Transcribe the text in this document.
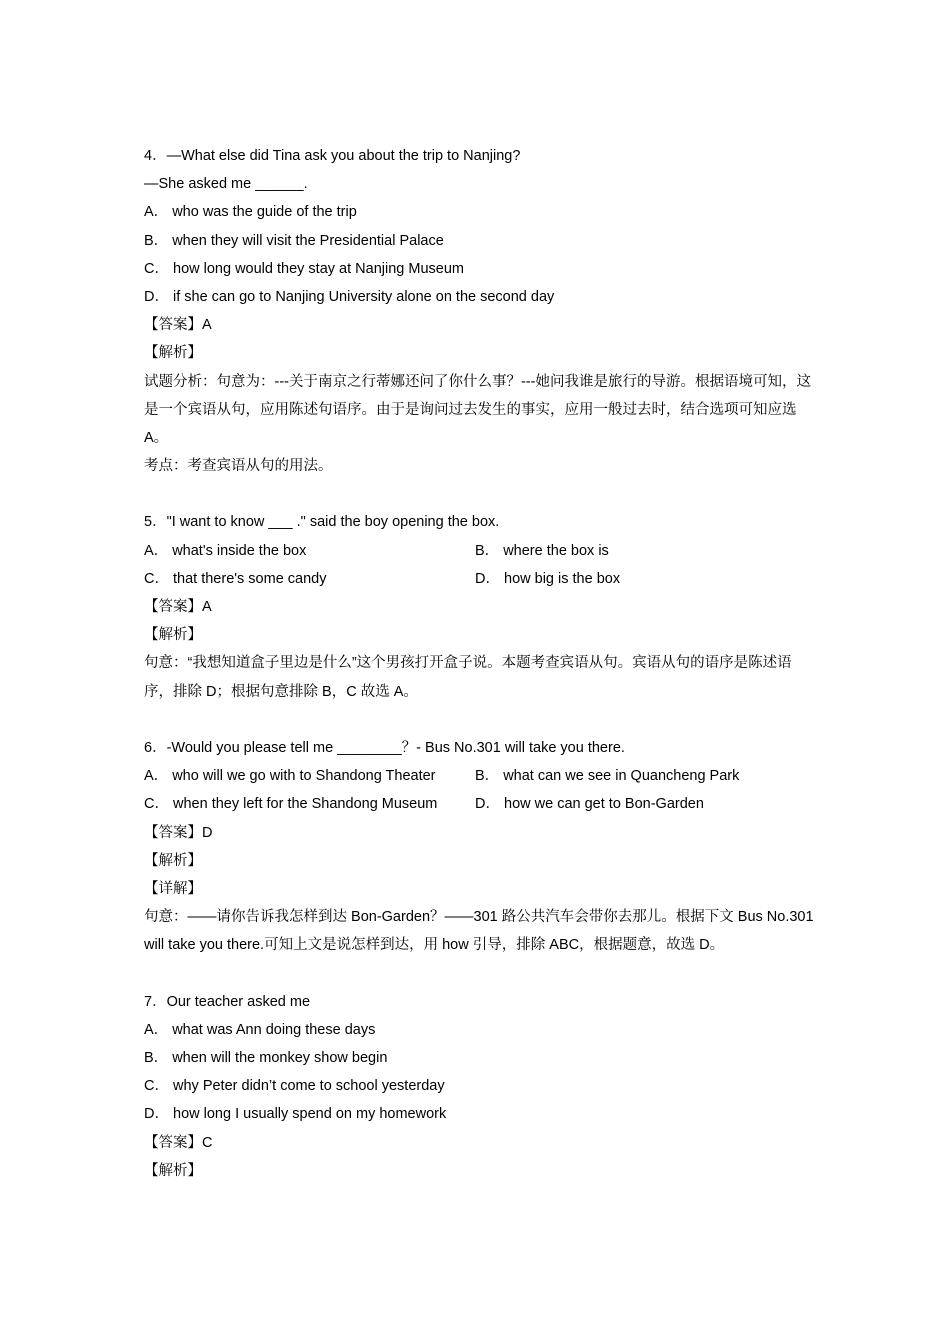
4．—What else did Tina ask you about the trip to Nanjing?
—She asked me ______.
A． who was the guide of the trip
B． when they will visit the Presidential Palace
C． how long would they stay at Nanjing Museum
D． if she can go to Nanjing University alone on the second day
【答案】A
【解析】
试题分析：句意为：---关于南京之行蒂娜还问了你什么事？---她问我谁是旅行的导游。根据语境可知，这是一个宾语从句，应用陈述句语序。由于是询问过去发生的事实，应用一般过去时，结合选项可知应选 A。
考点：考查宾语从句的用法。
5．"I want to know ___ ." said the boy opening the box.
A． what's inside the box	B． where the box is
C． that there's some candy	D． how big is the box
【答案】A
【解析】
句意：“我想知道盒子里边是什么”这个男孩打开盒子说。本题考查宾语从句。宾语从句的语序是陈述语序，排除 D；根据句意排除 B，C 故选 A。
6．-Would you please tell me ________？- Bus No.301 will take you there.
A． who will we go with to Shandong Theater	B． what can we see in Quancheng Park
C． when they left for the Shandong Museum	D． how we can get to Bon-Garden
【答案】D
【解析】
【详解】
句意：——请你告诉我怎样到达 Bon-Garden？——301 路公共汽车会带你去那儿。根据下文 Bus No.301 will take you there.可知上文是说怎样到达，用 how 引导，排除 ABC，根据题意，故选 D。
7．Our teacher asked me
A． what was Ann doing these days
B． when will the monkey show begin
C． why Peter didn’t come to school yesterday
D． how long I usually spend on my homework
【答案】C
【解析】
